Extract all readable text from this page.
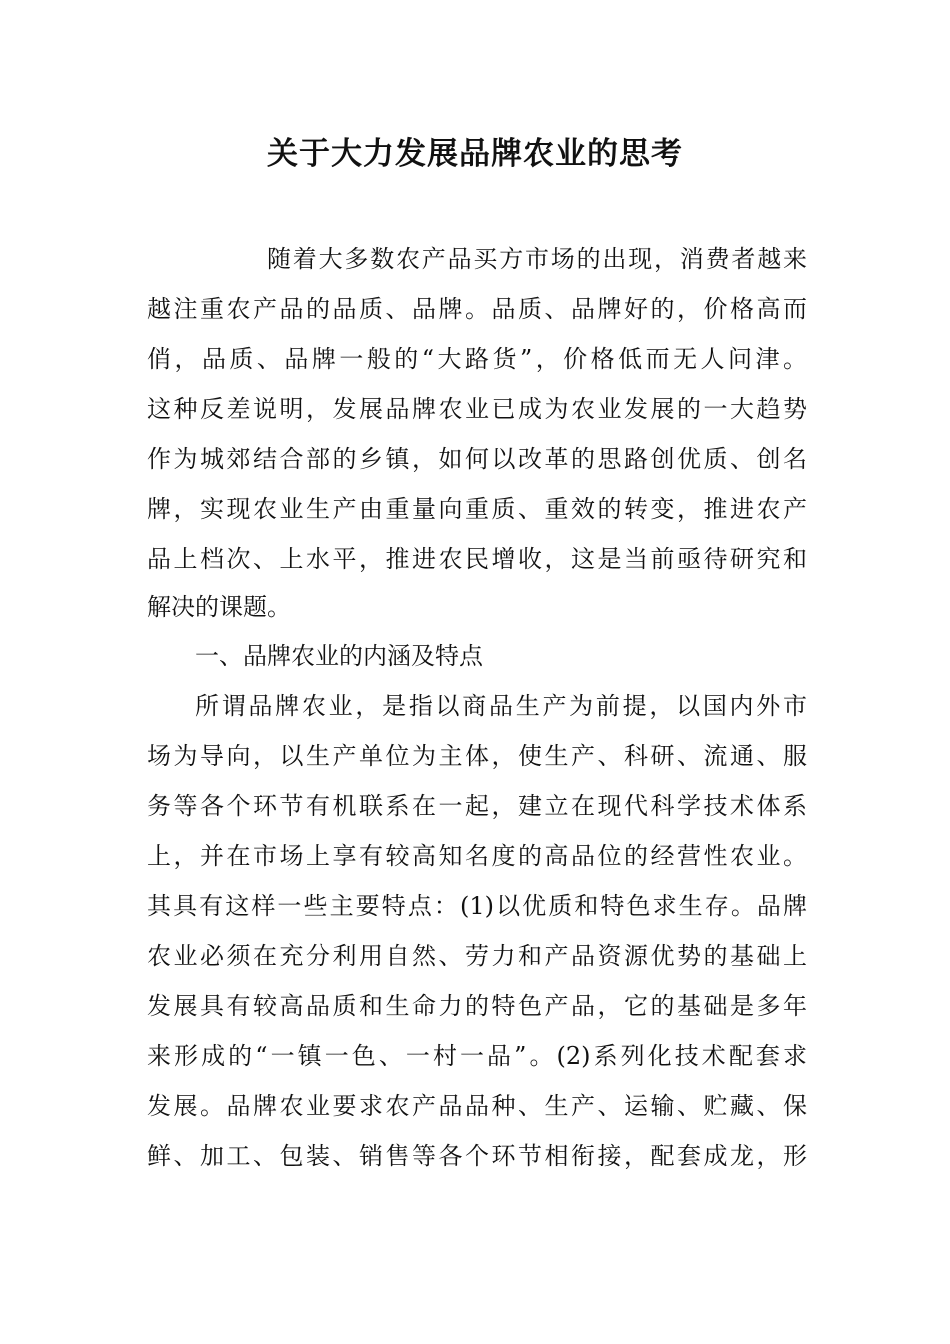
关于大力发展品牌农业的思考
随着大多数农产品买方市场的出现，消费者越来
越注重农产品的品质、品牌。品质、品牌好的，价格高而
俏，品质、品牌一般的“大路货”，价格低而无人问津。
这种反差说明，发展品牌农业已成为农业发展的一大趋势
作为城郊结合部的乡镇，如何以改革的思路创优质、创名
牌，实现农业生产由重量向重质、重效的转变，推进农产
品上档次、上水平，推进农民增收，这是当前亟待研究和
解决的课题。
一、品牌农业的内涵及特点
所谓品牌农业，是指以商品生产为前提，以国内外市
场为导向，以生产单位为主体，使生产、科研、流通、服
务等各个环节有机联系在一起，建立在现代科学技术体系
上，并在市场上享有较高知名度的高品位的经营性农业。
其具有这样一些主要特点：(1)以优质和特色求生存。品牌
农业必须在充分利用自然、劳力和产品资源优势的基础上
发展具有较高品质和生命力的特色产品，它的基础是多年
来形成的“一镇一色、一村一品”。(2)系列化技术配套求
发展。品牌农业要求农产品品种、生产、运输、贮藏、保
鲜、加工、包装、销售等各个环节相衔接，配套成龙，形
